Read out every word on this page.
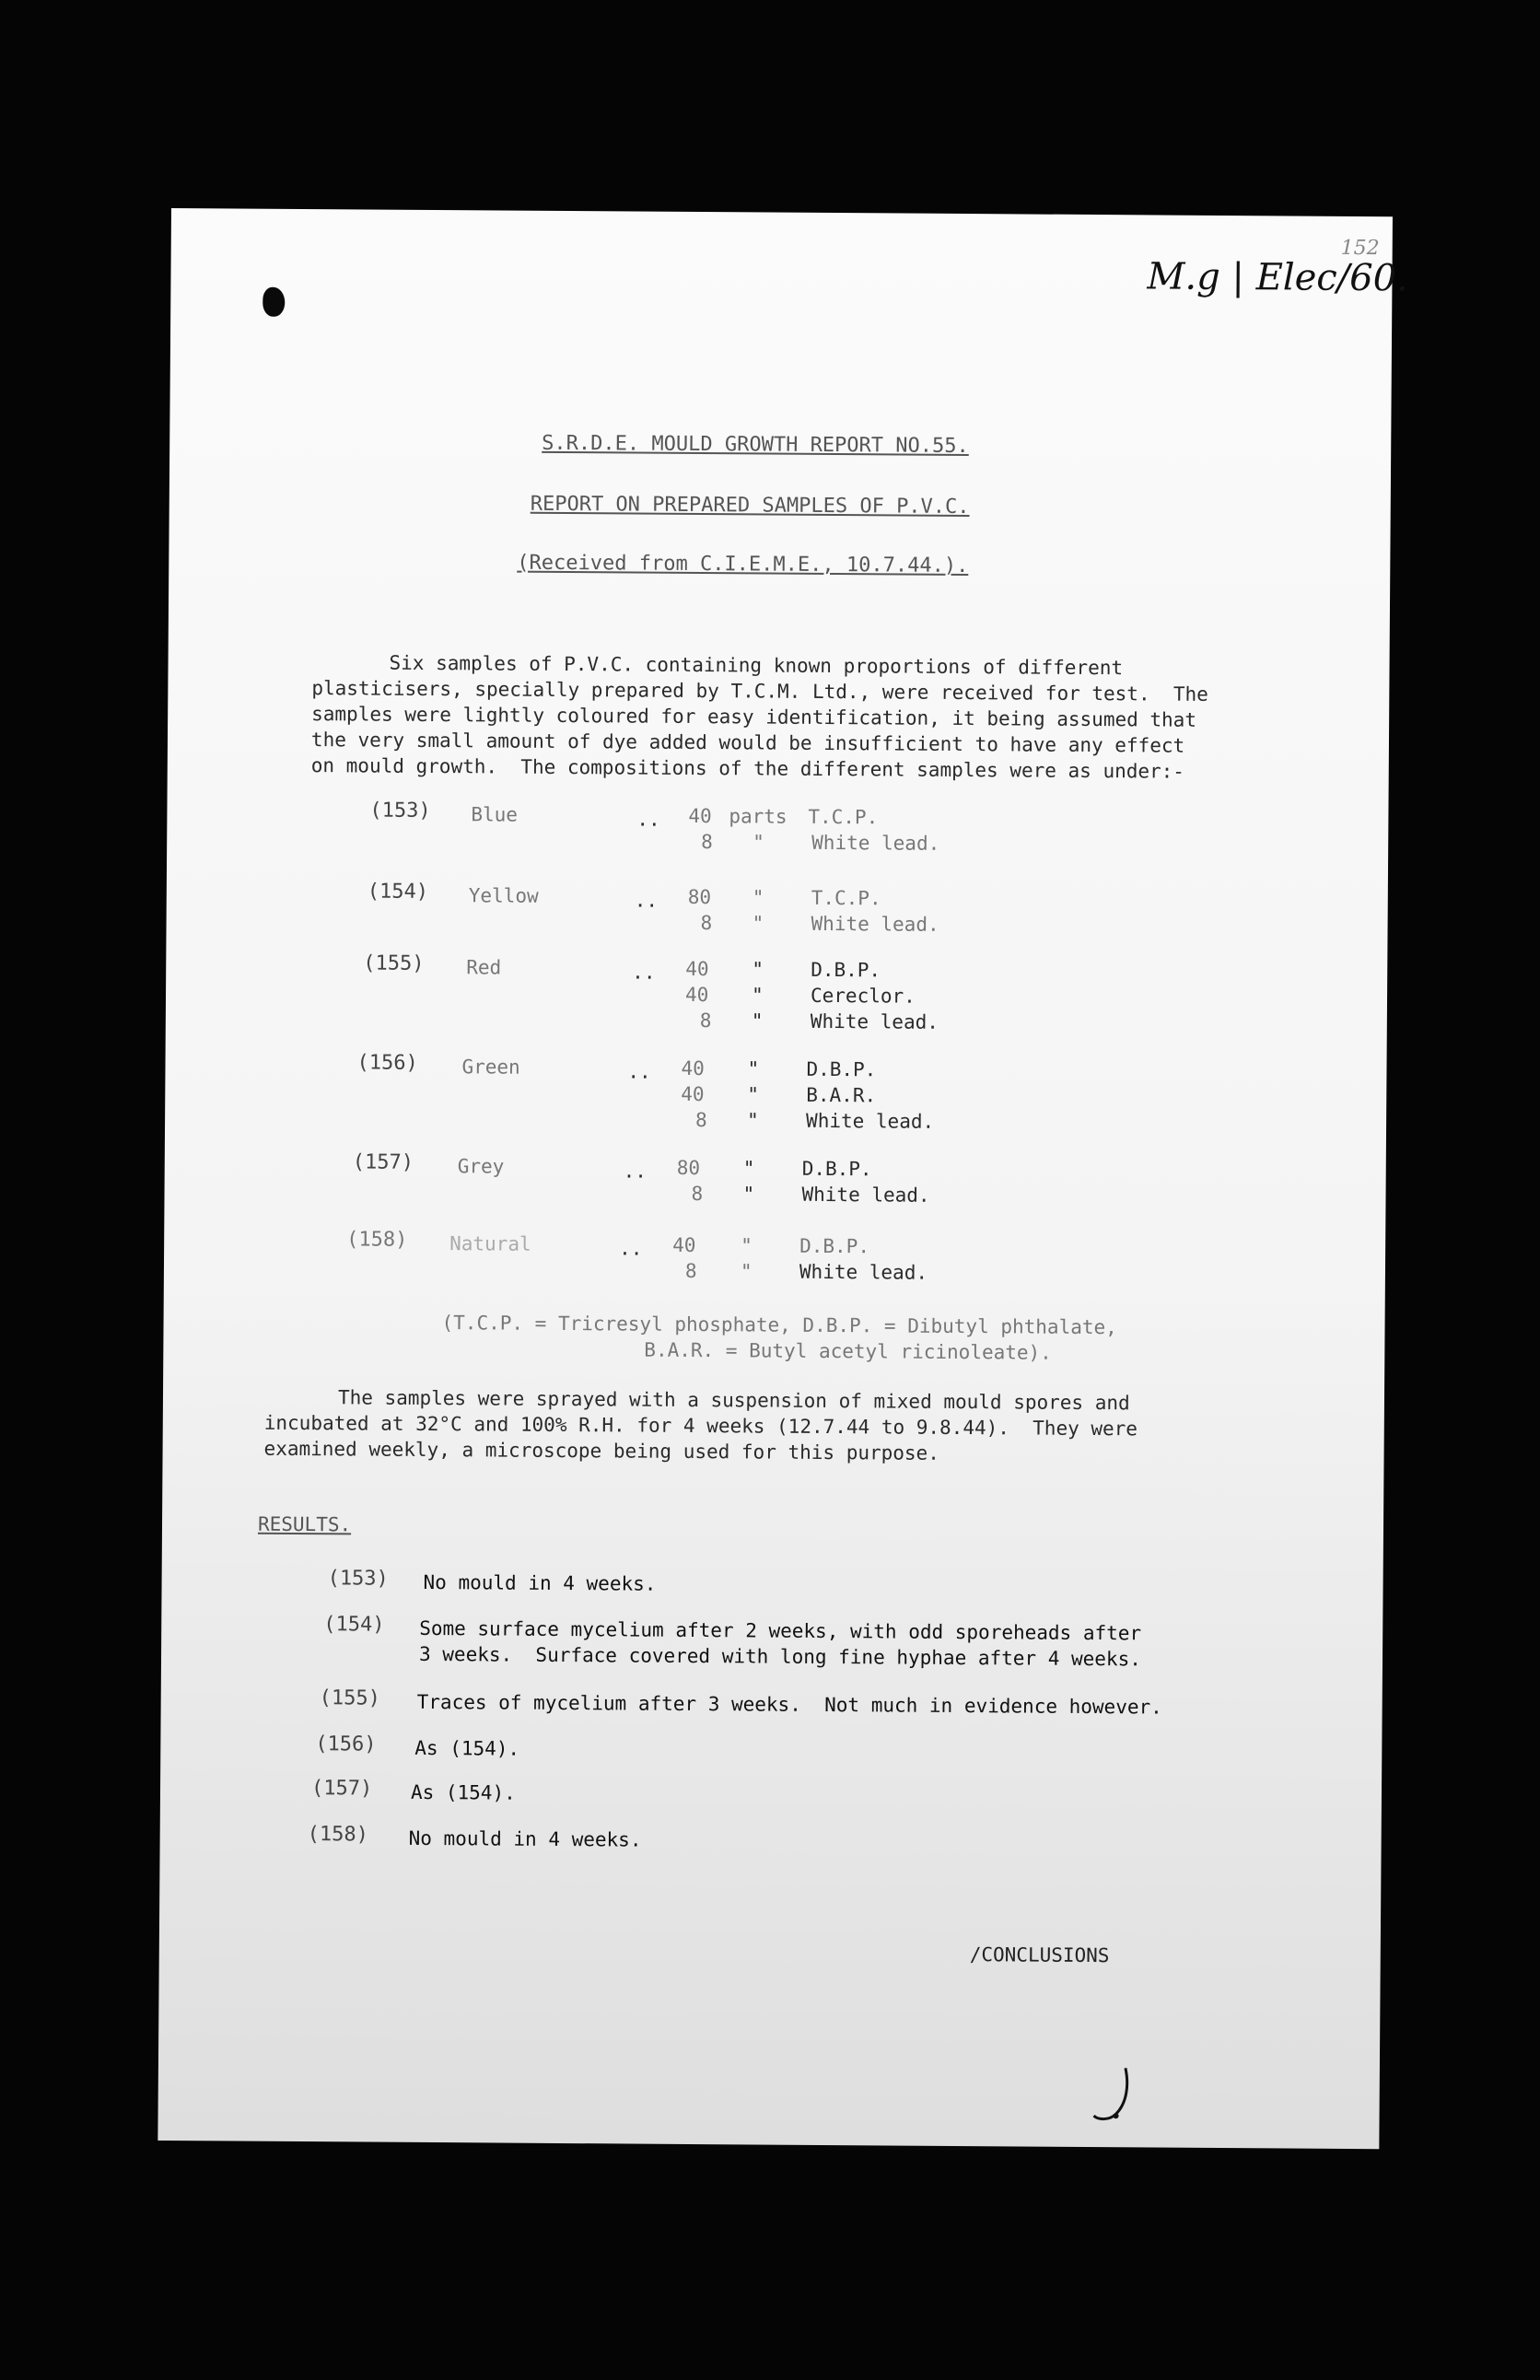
M.g | Elec/60.
152
S.R.D.E. MOULD GROWTH REPORT NO.55.
REPORT ON PREPARED SAMPLES OF P.V.C.
(Received from C.I.E.M.E., 10.7.44.).
Six samples of P.V.C. containing known proportions of different
plasticisers, specially prepared by T.C.M. Ltd., were received for test.  The
samples were lightly coloured for easy identification, it being assumed that
the very small amount of dye added would be insufficient to have any effect
on mould growth.  The compositions of the different samples were as under:-
(153) Blue	.. 40 parts T.C.P.
8 " White lead.
(154) Yellow	.. 80 " T.C.P.
8 " White lead.
(155) Red	.. 40 " D.B.P.
40 " Cereclor.
8 " White lead.
(156) Green	.. 40 " D.B.P.
40 " B.A.R.
8 " White lead.
(157) Grey	.. 80 " D.B.P.
8 " White lead.
(158) Natural	.. 40 " D.B.P.
8 " White lead.
(T.C.P. = Tricresyl phosphate, D.B.P. = Dibutyl phthalate,
B.A.R. = Butyl acetyl ricinoleate).
The samples were sprayed with a suspension of mixed mould spores and
incubated at 32°C and 100% R.H. for 4 weeks (12.7.44 to 9.8.44).  They were
examined weekly, a microscope being used for this purpose.
RESULTS.
(153) No mould in 4 weeks.
(154) Some surface mycelium after 2 weeks, with odd sporeheads after
3 weeks.  Surface covered with long fine hyphae after 4 weeks.
(155) Traces of mycelium after 3 weeks.  Not much in evidence however.
(156) As (154).
(157) As (154).
(158) No mould in 4 weeks.
/CONCLUSIONS
